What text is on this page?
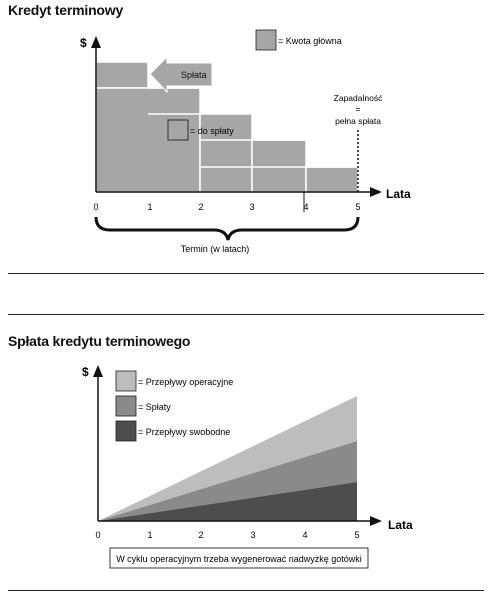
Kredyt terminowy
Spłata
= Kwota główna
= do spłaty
Zapadalność
=
pełna spłata
$
Lata
0	1	2	3	4	5
Termin (w latach)
Spłata kredytu terminowego
= Przepływy operacyjne
= Spłaty
= Przepływy swobodne
$
Lata
0	1	2	3	4	5
W cyklu operacyjnym trzeba wygenerować nadwyżkę gotówki
